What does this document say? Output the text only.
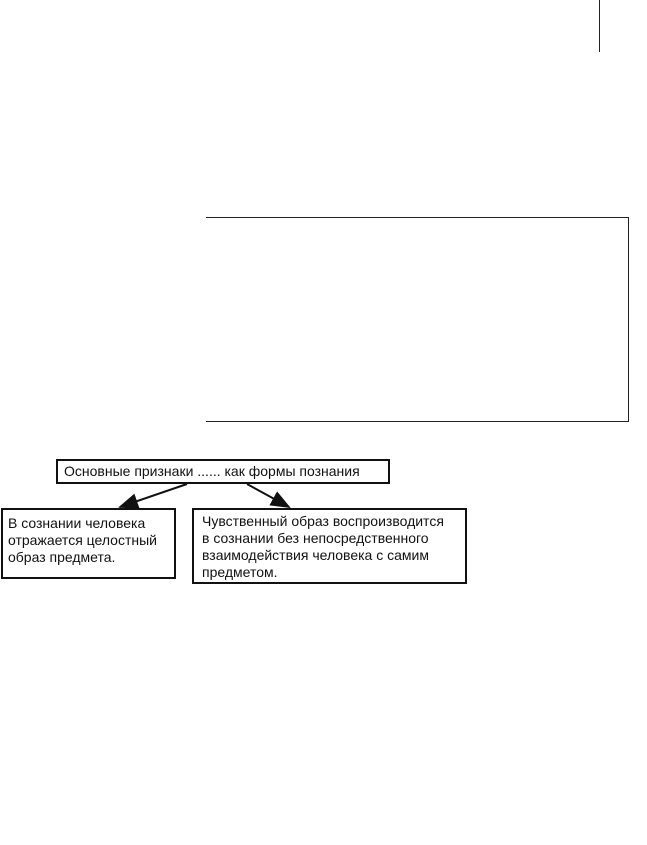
Основные признаки ...... как формы познания
В сознании человека
отражается целостный
образ предмета.
Чувственный образ воспроизводится
в сознании без непосредственного
взаимодействия человека с самим
предметом.
